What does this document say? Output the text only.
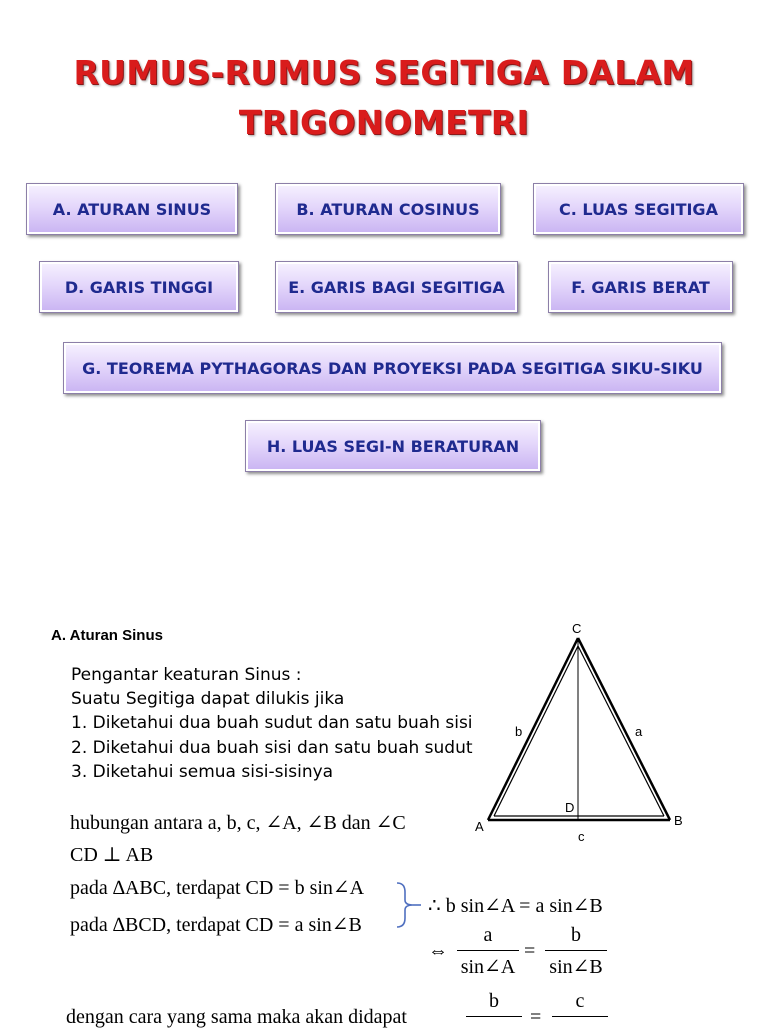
RUMUS-RUMUS SEGITIGA DALAM
TRIGONOMETRI
A. ATURAN SINUS	B. ATURAN COSINUS	C. LUAS SEGITIGA
D. GARIS TINGGI	E. GARIS BAGI SEGITIGA	F. GARIS BERAT
G. TEOREMA PYTHAGORAS DAN PROYEKSI PADA SEGITIGA SIKU-SIKU
H. LUAS SEGI-N BERATURAN
A. Aturan Sinus
Pengantar keaturan Sinus :
Suatu Segitiga dapat dilukis jika
1. Diketahui dua buah sudut dan satu buah sisi
2. Diketahui dua buah sisi dan satu buah sudut
3. Diketahui semua sisi-sisinya
hubungan antara a, b, c, ∠A, ∠B dan ∠C
CD ⊥ AB
pada ∆ABC, terdapat CD = b sin∠A
pada ∆BCD, terdapat CD = a sin∠B
∴ b sin∠A = a sin∠B
⇔
a
sin∠A
=
b
sin∠B
dengan cara yang sama maka akan didapat
b
=
c
C
A	B
D
a
b
c
